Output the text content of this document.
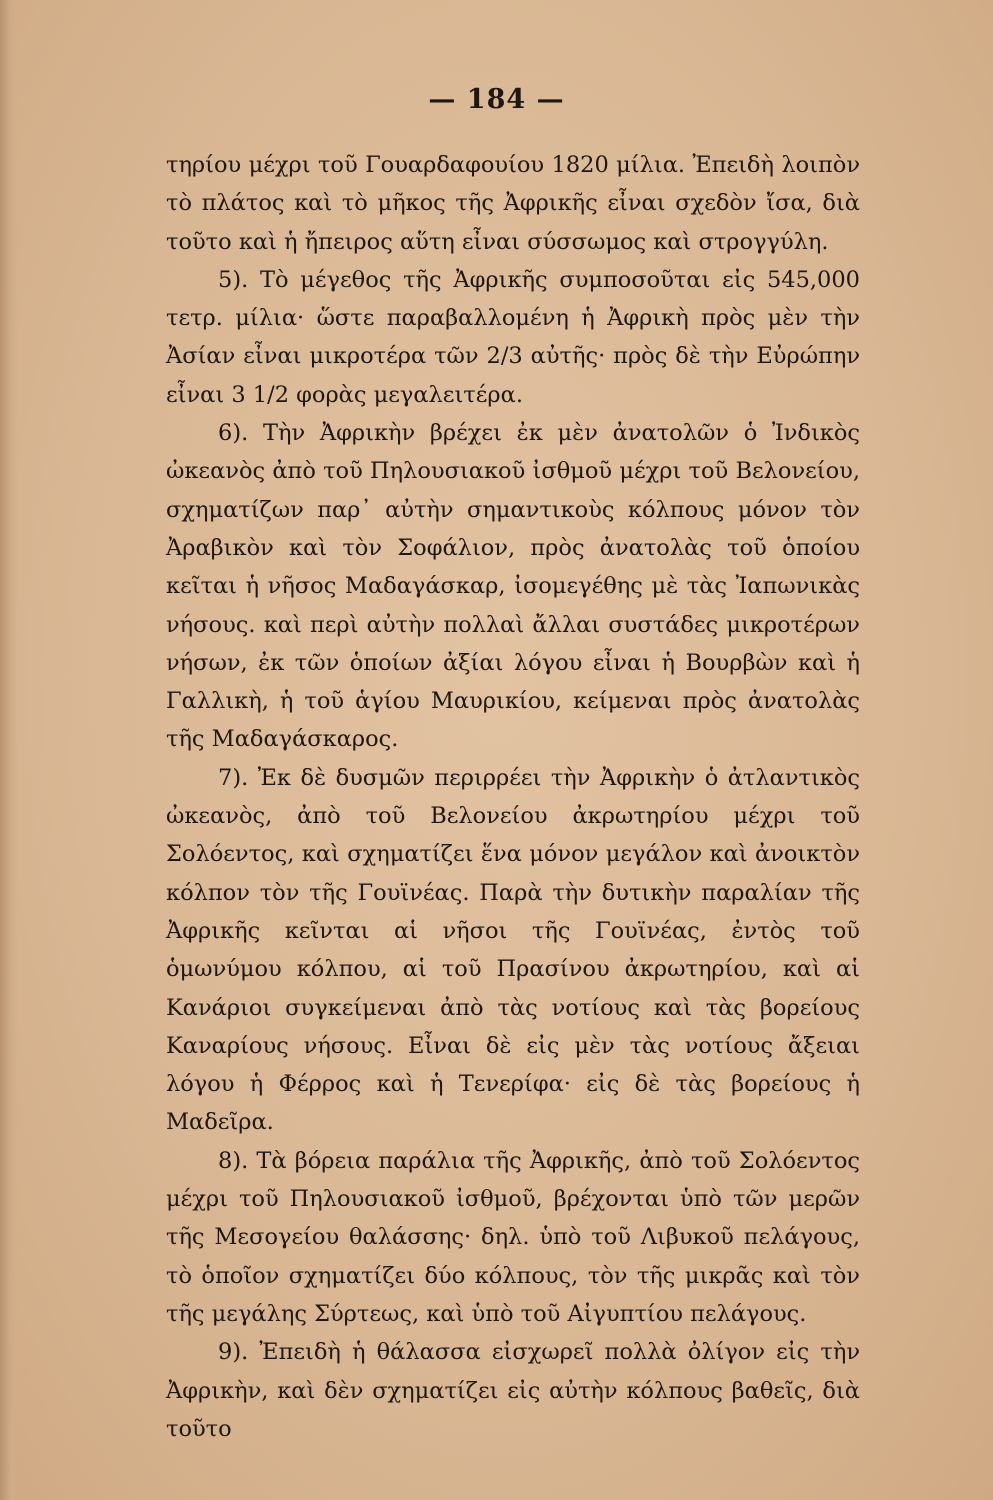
— 184 —

τηρίου μέχρι τοῦ Γουαρδαφουίου 1820 μίλια. Ἐπειδὴ λοιπὸν τὸ πλάτος καὶ τὸ μῆκος τῆς Ἀφρικῆς εἶναι σχεδὸν ἴσα, διὰ τοῦτο καὶ ἡ ἤπειρος αὕτη εἶναι σύσσωμος καὶ στρογγύλη.

5). Τὸ μέγεθος τῆς Ἀφρικῆς συμποσοῦται εἰς 545,000 τετρ. μίλια· ὥστε παραβαλλομένη ἡ Ἀφρικὴ πρὸς μὲν τὴν Ἀσίαν εἶναι μικροτέρα τῶν 2/3 αὐτῆς· πρὸς δὲ τὴν Εὐρώπην εἶναι 3 1/2 φορὰς μεγαλειτέρα.

6). Τὴν Ἀφρικὴν βρέχει ἐκ μὲν ἀνατολῶν ὁ Ἰνδικὸς ὠκεανὸς ἀπὸ τοῦ Πηλουσιακοῦ ἰσθμοῦ μέχρι τοῦ Βελονείου, σχηματίζων παρ᾿ αὐτὴν σημαντικοὺς κόλπους μόνον τὸν Ἀραβικὸν καὶ τὸν Σοφάλιον, πρὸς ἀνατολὰς τοῦ ὁποίου κεῖται ἡ νῆσος Μαδαγάσκαρ, ἰσομεγέθης μὲ τὰς Ἰαπωνικὰς νήσους. καὶ περὶ αὐτὴν πολλαὶ ἄλλαι συστάδες μικροτέρων νήσων, ἐκ τῶν ὁποίων ἀξίαι λόγου εἶναι ἡ Βουρβὼν καὶ ἡ Γαλλικὴ, ἡ τοῦ ἁγίου Μαυρικίου, κείμεναι πρὸς ἀνατολὰς τῆς Μαδαγάσκαρος.

7). Ἐκ δὲ δυσμῶν περιρρέει τὴν Ἀφρικὴν ὁ ἀτλαντικὸς ὠκεανὸς, ἀπὸ τοῦ Βελονείου ἀκρωτηρίου μέχρι τοῦ Σολόεντος, καὶ σχηματίζει ἕνα μόνον μεγάλον καὶ ἀνοικτὸν κόλπον τὸν τῆς Γουϊνέας. Παρὰ τὴν δυτικὴν παραλίαν τῆς Ἀφρικῆς κεῖνται αἱ νῆσοι τῆς Γουϊνέας, ἐντὸς τοῦ ὁμωνύμου κόλπου, αἱ τοῦ Πρασίνου ἀκρωτηρίου, καὶ αἱ Κανάριοι συγκείμεναι ἀπὸ τὰς νοτίους καὶ τὰς βορείους Καναρίους νήσους. Εἶναι δὲ εἰς μὲν τὰς νοτίους ἄξειαι λόγου ἡ Φέρρος καὶ ἡ Τενερίφα· εἰς δὲ τὰς βορείους ἡ Μαδεῖρα.

8). Τὰ βόρεια παράλια τῆς Ἀφρικῆς, ἀπὸ τοῦ Σολόεντος μέχρι τοῦ Πηλουσιακοῦ ἰσθμοῦ, βρέχονται ὑπὸ τῶν μερῶν τῆς Μεσογείου θαλάσσης· δηλ. ὑπὸ τοῦ Λιβυκοῦ πελάγους, τὸ ὁποῖον σχηματίζει δύο κόλπους, τὸν τῆς μικρᾶς καὶ τὸν τῆς μεγάλης Σύρτεως, καὶ ὑπὸ τοῦ Αἰγυπτίου πελάγους.

9). Ἐπειδὴ ἡ θάλασσα εἰσχωρεῖ πολλὰ ὀλίγον εἰς τὴν Ἀφρικὴν, καὶ δὲν σχηματίζει εἰς αὐτὴν κόλπους βαθεῖς, διὰ τοῦτο
